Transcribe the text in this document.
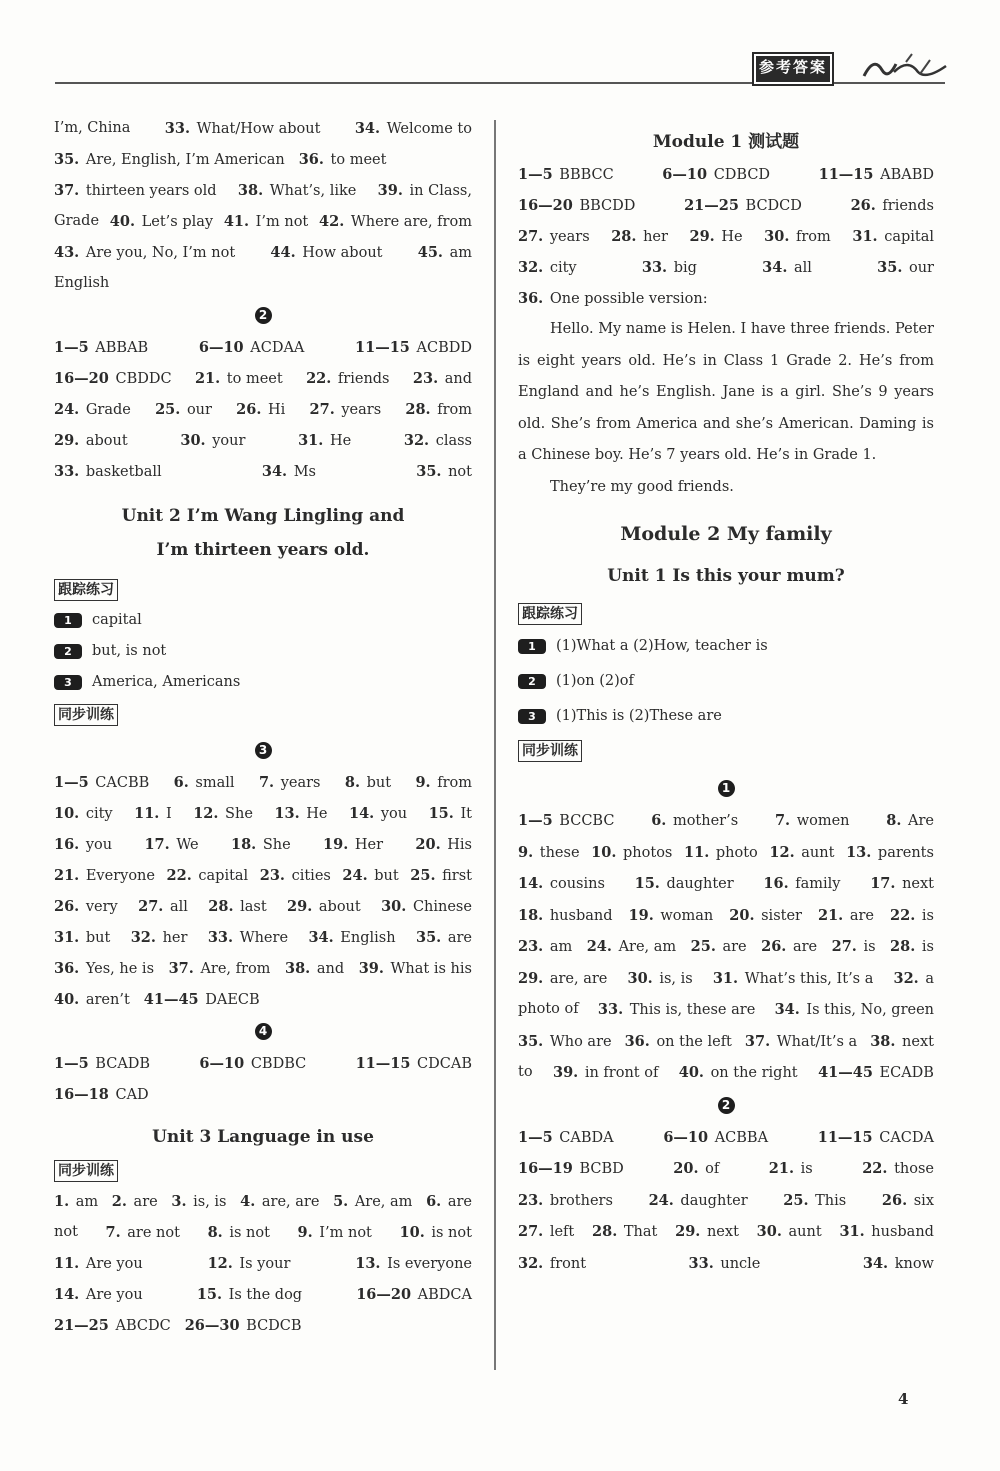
参考答案
I’m, China 33. What/How about 34. Welcome to
35. Are, English, I’m American 36. to meet
37. thirteen years old 38. What’s, like 39. in Class,
Grade 40. Let’s play 41. I’m not 42. Where are, from
43. Are you, No, I’m not 44. How about 45. am
English
2
1—5 ABBAB	6—10 ACDAA	11—15 ACBDD
16—20 CBDDC 21. to meet 22. friends 23. and
24. Grade 25. our 26. Hi 27. years 28. from
29. about	30. your	31. He	32. class
33. basketball	34. Ms	35. not
Unit 2 I’m Wang Lingling and
I’m thirteen years old.
跟踪练习
1 capital
2 but, is not
3 America, Americans
同步训练
3
1—5 CACBB 6. small 7. years 8. but 9. from
10. city 11. I 12. She 13. He 14. you 15. It
16. you 17. We 18. She 19. Her 20. His
21. Everyone 22. capital 23. cities 24. but 25. first
26. very 27. all 28. last 29. about 30. Chinese
31. but 32. her 33. Where 34. English 35. are
36. Yes, he is 37. Are, from 38. and 39. What is his
40. aren’t 41—45 DAECB
4
1—5 BCADB	6—10 CBDBC	11—15 CDCAB
16—18 CAD
Unit 3 Language in use
同步训练
1. am 2. are 3. is, is 4. are, are 5. Are, am 6. are
not 7. are not 8. is not 9. I’m not 10. is not
11. Are you	12. Is your	13. Is everyone
14. Are you	15. Is the dog	16—20 ABDCA
21—25 ABCDC 26—30 BCDCB
Module 1 测试题
1—5 BBBCC	6—10 CDBCD	11—15 ABABD
16—20 BBCDD	21—25 BCDCD	26. friends
27. years 28. her 29. He 30. from 31. capital
32. city	33. big	34. all	35. our
36. One possible version:
Hello. My name is Helen. I have three friends. Peter is eight years old. He’s in Class 1 Grade 2. He’s from England and he’s English. Jane is a girl. She’s 9 years old. She’s from America and she’s American. Daming is a Chinese boy. He’s 7 years old. He’s in Grade 1.
They’re my good friends.
Module 2 My family
Unit 1 Is this your mum?
跟踪练习
1 (1)What a (2)How, teacher is
2 (1)on (2)of
3 (1)This is (2)These are
同步训练
1
1—5 BCCBC	6. mother’s	7. women	8. Are
9. these 10. photos 11. photo 12. aunt 13. parents
14. cousins 15. daughter 16. family 17. next
18. husband 19. woman 20. sister 21. are 22. is
23. am 24. Are, am 25. are 26. are 27. is 28. is
29. are, are 30. is, is 31. What’s this, It’s a 32. a
photo of 33. This is, these are 34. Is this, No, green
35. Who are 36. on the left 37. What/It’s a 38. next
to 39. in front of 40. on the right 41—45 ECADB
2
1—5 CABDA	6—10 ACBBA	11—15 CACDA
16—19 BCBD	20. of	21. is	22. those
23. brothers 24. daughter 25. This 26. six
27. left 28. That 29. next 30. aunt 31. husband
32. front	33. uncle	34. know
4
